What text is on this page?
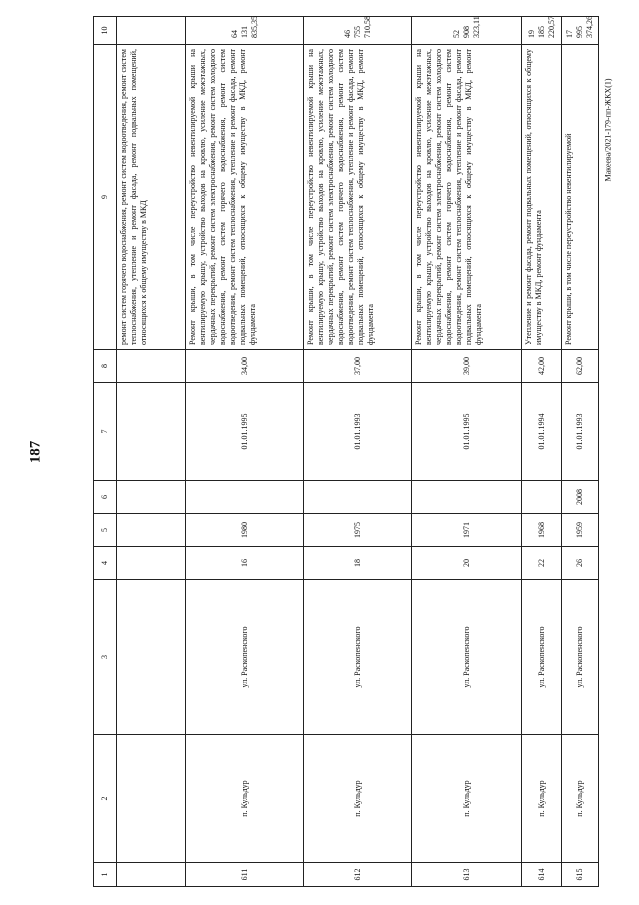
187
Макеева/2021-179-пп-ЖКХ(1)
1	2	3	4	5	6	7	8	9	10
								ремонт систем горячего водоснабжения, ремонт систем водоотведения, ремонт систем теплоснабжения, утепление и ремонт фасада, ремонт подвальных помещений, относящихся к общему имуществу в МКД	
611	п. Кульдур	ул. Раскопенского	16	1980		01.01.1995	34,00	Ремонт крыши, в том числе переустройство невентилируемой крыши на вентилируемую крышу, устройство выходов на кровлю, усиление межэтажных, чердачных перекрытий, ремонт систем электроснабжения, ремонт систем холодного водоснабжения, ремонт систем горячего водоснабжения, ремонт систем водоотведения, ремонт систем теплоснабжения, утепление и ремонт фасада, ремонт подвальных помещений, относящихся к общему имуществу в МКД, ремонт фундамента	64 131 835,35
612	п. Кульдур	ул. Раскопенского	18	1975		01.01.1993	37,00	Ремонт крыши, в том числе переустройство невентилируемой крыши на вентилируемую крышу, устройство выходов на кровлю, усиление межэтажных, чердачных перекрытий, ремонт систем электроснабжения, ремонт систем холодного водоснабжения, ремонт систем горячего водоснабжения, ремонт систем водоотведения, ремонт систем теплоснабжения, утепление и ремонт фасада, ремонт подвальных помещений, относящихся к общему имуществу в МКД, ремонт фундамента	46 755 710,58
613	п. Кульдур	ул. Раскопенского	20	1971		01.01.1995	39,00	Ремонт крыши, в том числе переустройство невентилируемой крыши на вентилируемую крышу, устройство выходов на кровлю, усиление межэтажных, чердачных перекрытий, ремонт систем электроснабжения, ремонт систем холодного водоснабжения, ремонт систем горячего водоснабжения, ремонт систем водоотведения, ремонт систем теплоснабжения, утепление и ремонт фасада, ремонт подвальных помещений, относящихся к общему имуществу в МКД, ремонт фундамента	52 908 323,11
614	п. Кульдур	ул. Раскопенского	22	1968		01.01.1994	42,00	Утепление и ремонт фасада, ремонт подвальных помещений, относящихся к общему имуществу в МКД, ремонт фундамента	19 185 220,57
615	п. Кульдур	ул. Раскопенского	26	1959	2008	01.01.1993	62,00	Ремонт крыши, в том числе переустройство невентилируемой	17 995 374,26
